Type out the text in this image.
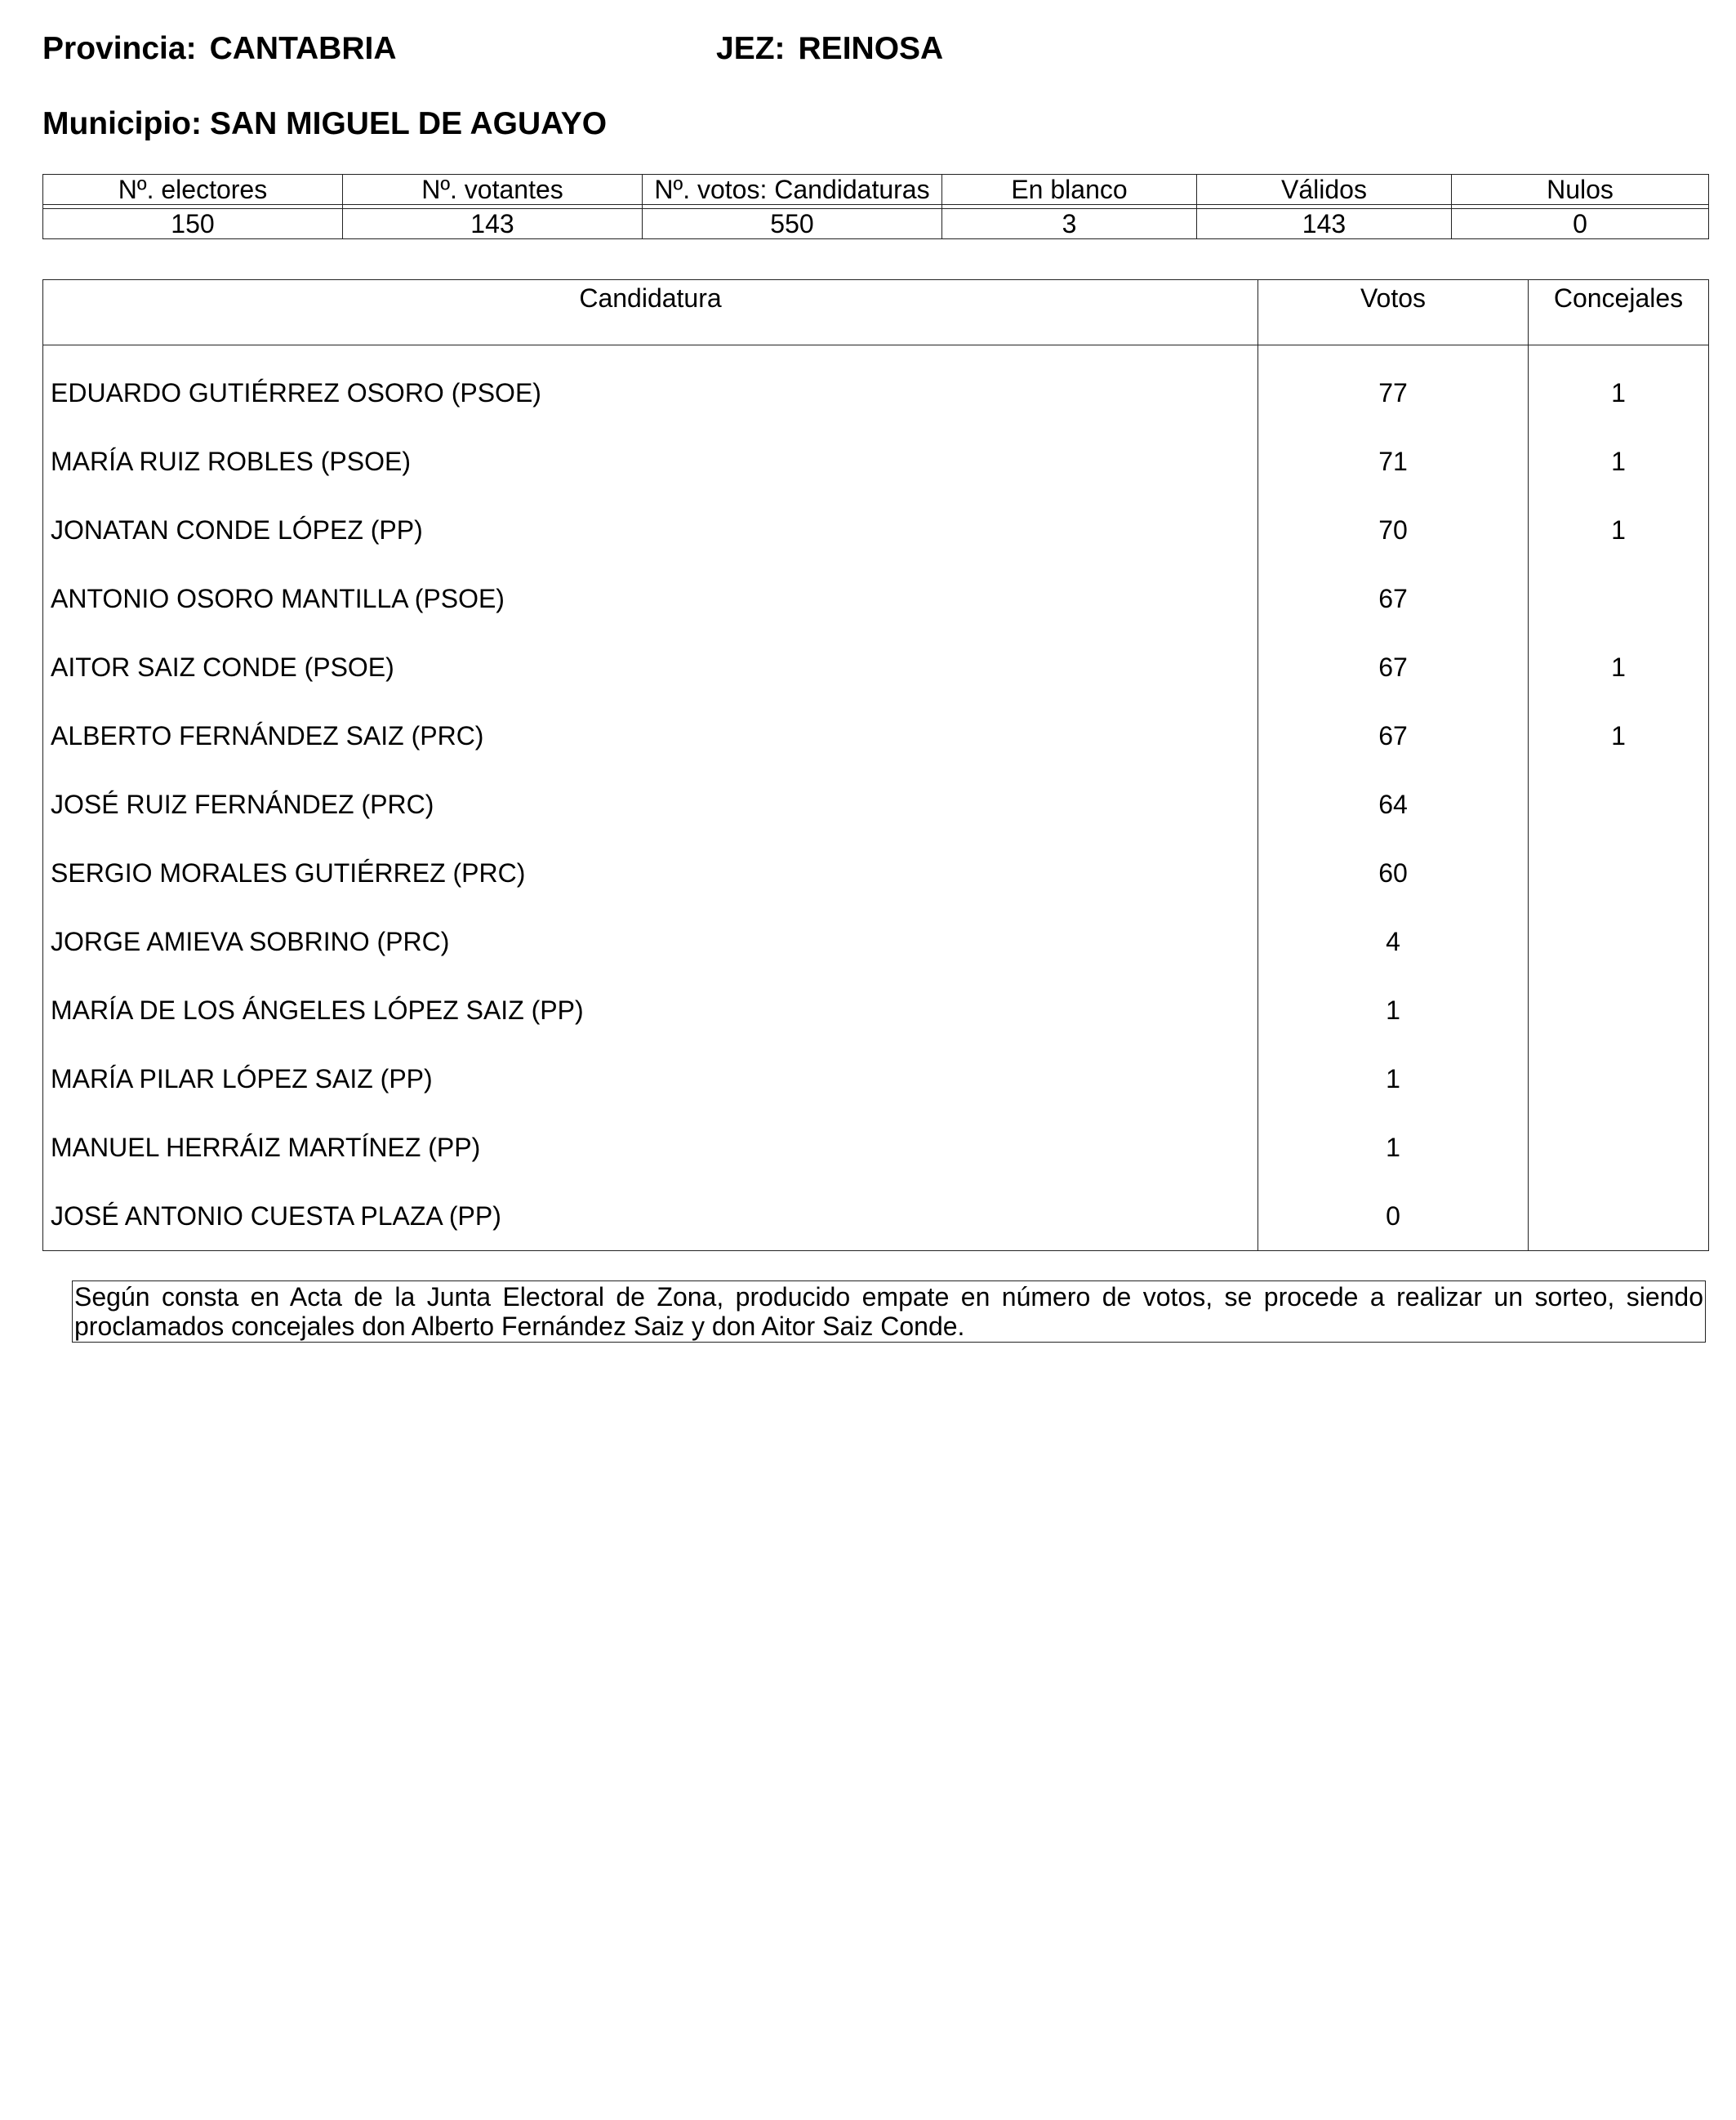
Provincia: CANTABRIA	JEZ: REINOSA
Municipio: SAN MIGUEL DE AGUAYO
Nº. electores	Nº. votantes	Nº. votos: Candidaturas	En blanco	Válidos	Nulos

150	143	550	3	143	0
Candidatura	Votos	Concejales
EDUARDO GUTIÉRREZ OSORO (PSOE)	77	1
MARÍA RUIZ ROBLES (PSOE)	71	1
JONATAN CONDE LÓPEZ (PP)	70	1
ANTONIO OSORO MANTILLA (PSOE)	67	
AITOR SAIZ CONDE (PSOE)	67	1
ALBERTO FERNÁNDEZ SAIZ (PRC)	67	1
JOSÉ RUIZ FERNÁNDEZ (PRC)	64	
SERGIO MORALES GUTIÉRREZ (PRC)	60	
JORGE AMIEVA SOBRINO (PRC)	4	
MARÍA DE LOS ÁNGELES LÓPEZ SAIZ (PP)	1	
MARÍA PILAR LÓPEZ SAIZ (PP)	1	
MANUEL HERRÁIZ MARTÍNEZ (PP)	1	
JOSÉ ANTONIO CUESTA PLAZA (PP)	0	
Según consta en Acta de la Junta Electoral de Zona, producido empate en número de votos, se procede a realizar un sorteo, siendo proclamados concejales don Alberto Fernández Saiz y don Aitor Saiz Conde.
